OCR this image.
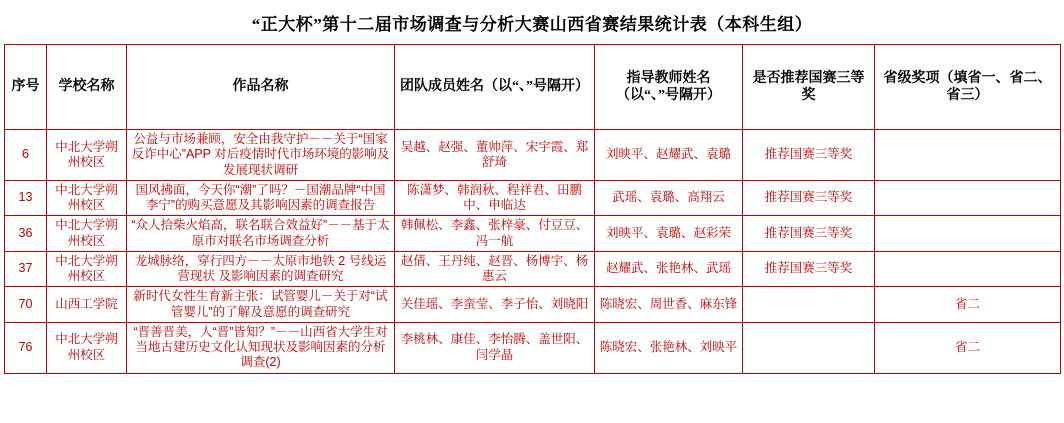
“正大杯”第十二届市场调查与分析大赛山西省赛结果统计表（本科生组）
序号	学校名称	作品名称	团队成员姓名（以“、”号隔开）	指导教师姓名（以“、”号隔开）	是否推荐国赛三等奖	省级奖项（填省一、省二、省三）
6	中北大学朔州校区	公益与市场兼顾，安全由我守护－－关于“国家反诈中心”APP 对后疫情时代市场环境的影响及发展现状调研	吴越、赵强、董帅萍、宋宇霞、郑舒琦	刘映平、赵耀武、袁璐	推荐国赛三等奖	
13	中北大学朔州校区	国风拂面，今天你“潮”了吗？－国潮品牌“中国李宁”的购买意愿及其影响因素的调查报告	陈潇梦、韩润秋、程祥君、田鹏中、申临达	武瑶、袁璐、高翔云	推荐国赛三等奖	
36	中北大学朔州校区	“众人拾柴火焰高，联名联合效益好”－－基于太原市对联名市场调查分析	韩佩松、李鑫、张梓豪、付豆豆、冯一航	刘映平、袁璐、赵彩荣	推荐国赛三等奖	
37	中北大学朔州校区	龙城脉络，穿行四方－－太原市地铁 2 号线运营现状 及影响因素的调查研究	赵倩、王丹纯、赵晋、杨博宇、杨惠云	赵耀武、张艳林、武瑶	推荐国赛三等奖	
70	山西工学院	新时代女性生育新主张：试管婴儿－关于对“试管婴儿”的了解及意愿的调查研究	关佳瑶、李蛮莹、李子怡、刘晓阳	陈晓宏、周世香、麻东锋		省二
76	中北大学朔州校区	“晋善晋美，人“晋”皆知？”－－山西省大学生对当地古建历史文化认知现状及影响因素的分析调查(2)	李桃林、康佳、李怡腾、盖世阳、闫学晶	陈晓宏、张艳林、刘映平		省二
